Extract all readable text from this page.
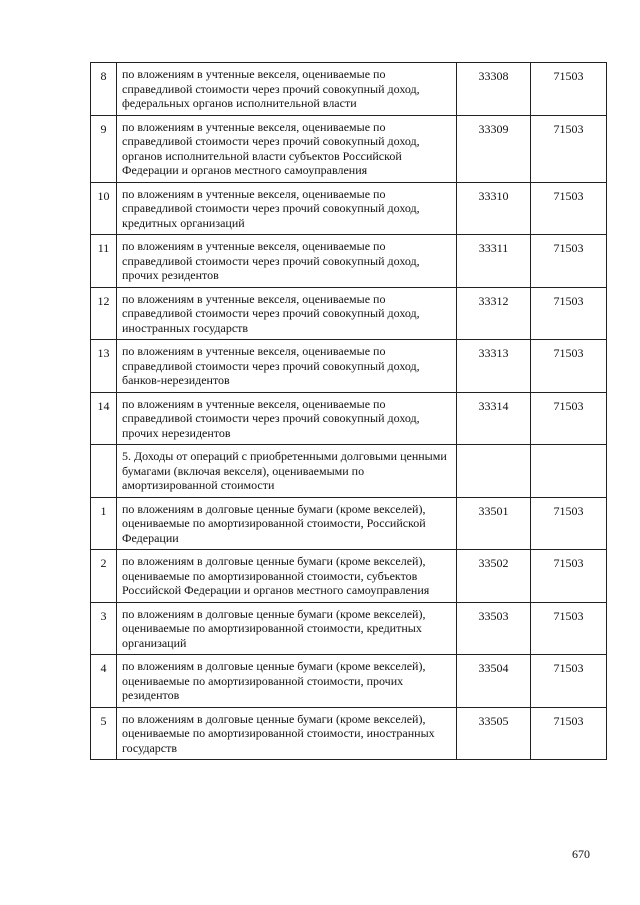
8	по вложениям в учтенные векселя, оцениваемые по справедливой стоимости через прочий совокупный доход, федеральных органов исполнительной власти	33308	71503
9	по вложениям в учтенные векселя, оцениваемые по справедливой стоимости через прочий совокупный доход, органов исполнительной власти субъектов Российской Федерации и органов местного самоуправления	33309	71503
10	по вложениям в учтенные векселя, оцениваемые по справедливой стоимости через прочий совокупный доход, кредитных организаций	33310	71503
11	по вложениям в учтенные векселя, оцениваемые по справедливой стоимости через прочий совокупный доход, прочих резидентов	33311	71503
12	по вложениям в учтенные векселя, оцениваемые по справедливой стоимости через прочий совокупный доход, иностранных государств	33312	71503
13	по вложениям в учтенные векселя, оцениваемые по справедливой стоимости через прочий совокупный доход, банков-нерезидентов	33313	71503
14	по вложениям в учтенные векселя, оцениваемые по справедливой стоимости через прочий совокупный доход, прочих нерезидентов	33314	71503
	5. Доходы от операций с приобретенными долговыми ценными бумагами (включая векселя), оцениваемыми по амортизированной стоимости		
1	по вложениям в долговые ценные бумаги (кроме векселей), оцениваемые по амортизированной стоимости, Российской Федерации	33501	71503
2	по вложениям в долговые ценные бумаги (кроме векселей), оцениваемые по амортизированной стоимости, субъектов Российской Федерации и органов местного самоуправления	33502	71503
3	по вложениям в долговые ценные бумаги (кроме векселей), оцениваемые по амортизированной стоимости, кредитных организаций	33503	71503
4	по вложениям в долговые ценные бумаги (кроме векселей), оцениваемые по амортизированной стоимости, прочих резидентов	33504	71503
5	по вложениям в долговые ценные бумаги (кроме векселей), оцениваемые по амортизированной стоимости, иностранных государств	33505	71503
670
